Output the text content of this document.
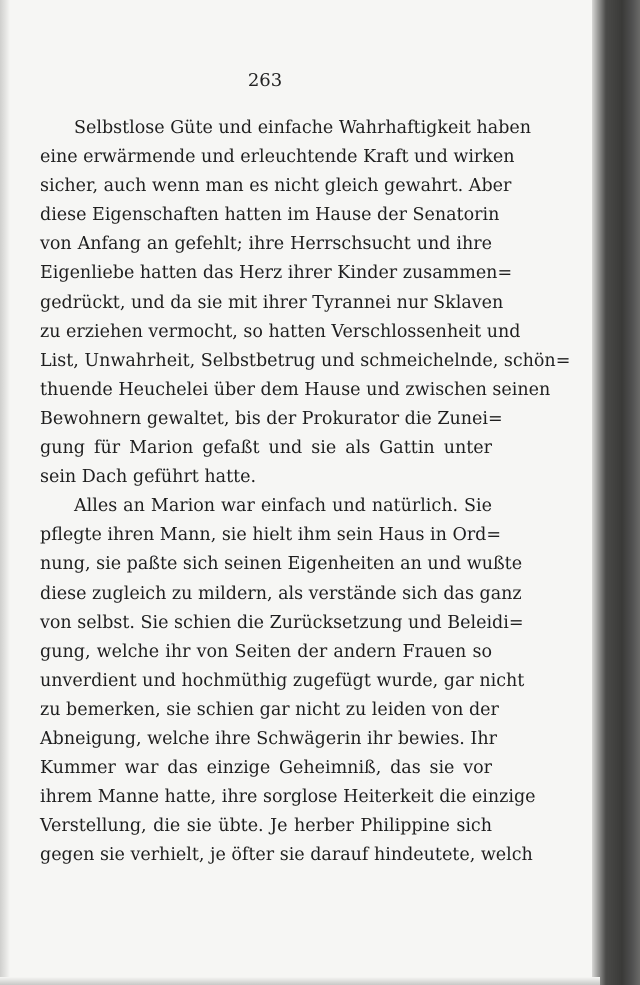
263
Selbstlose Güte und einfache Wahrhaftigkeit haben
eine erwärmende und erleuchtende Kraft und wirken
sicher, auch wenn man es nicht gleich gewahrt. Aber
diese Eigenschaften hatten im Hause der Senatorin
von Anfang an gefehlt; ihre Herrschsucht und ihre
Eigenliebe hatten das Herz ihrer Kinder zusammen=
gedrückt, und da sie mit ihrer Tyrannei nur Sklaven
zu erziehen vermocht, so hatten Verschlossenheit und
List, Unwahrheit, Selbstbetrug und schmeichelnde, schön=
thuende Heuchelei über dem Hause und zwischen seinen
Bewohnern gewaltet, bis der Prokurator die Zunei=
gung für Marion gefaßt und sie als Gattin unter
sein Dach geführt hatte.
Alles an Marion war einfach und natürlich. Sie
pflegte ihren Mann, sie hielt ihm sein Haus in Ord=
nung, sie paßte sich seinen Eigenheiten an und wußte
diese zugleich zu mildern, als verstände sich das ganz
von selbst. Sie schien die Zurücksetzung und Beleidi=
gung, welche ihr von Seiten der andern Frauen so
unverdient und hochmüthig zugefügt wurde, gar nicht
zu bemerken, sie schien gar nicht zu leiden von der
Abneigung, welche ihre Schwägerin ihr bewies. Ihr
Kummer war das einzige Geheimniß, das sie vor
ihrem Manne hatte, ihre sorglose Heiterkeit die einzige
Verstellung, die sie übte. Je herber Philippine sich
gegen sie verhielt, je öfter sie darauf hindeutete, welch
